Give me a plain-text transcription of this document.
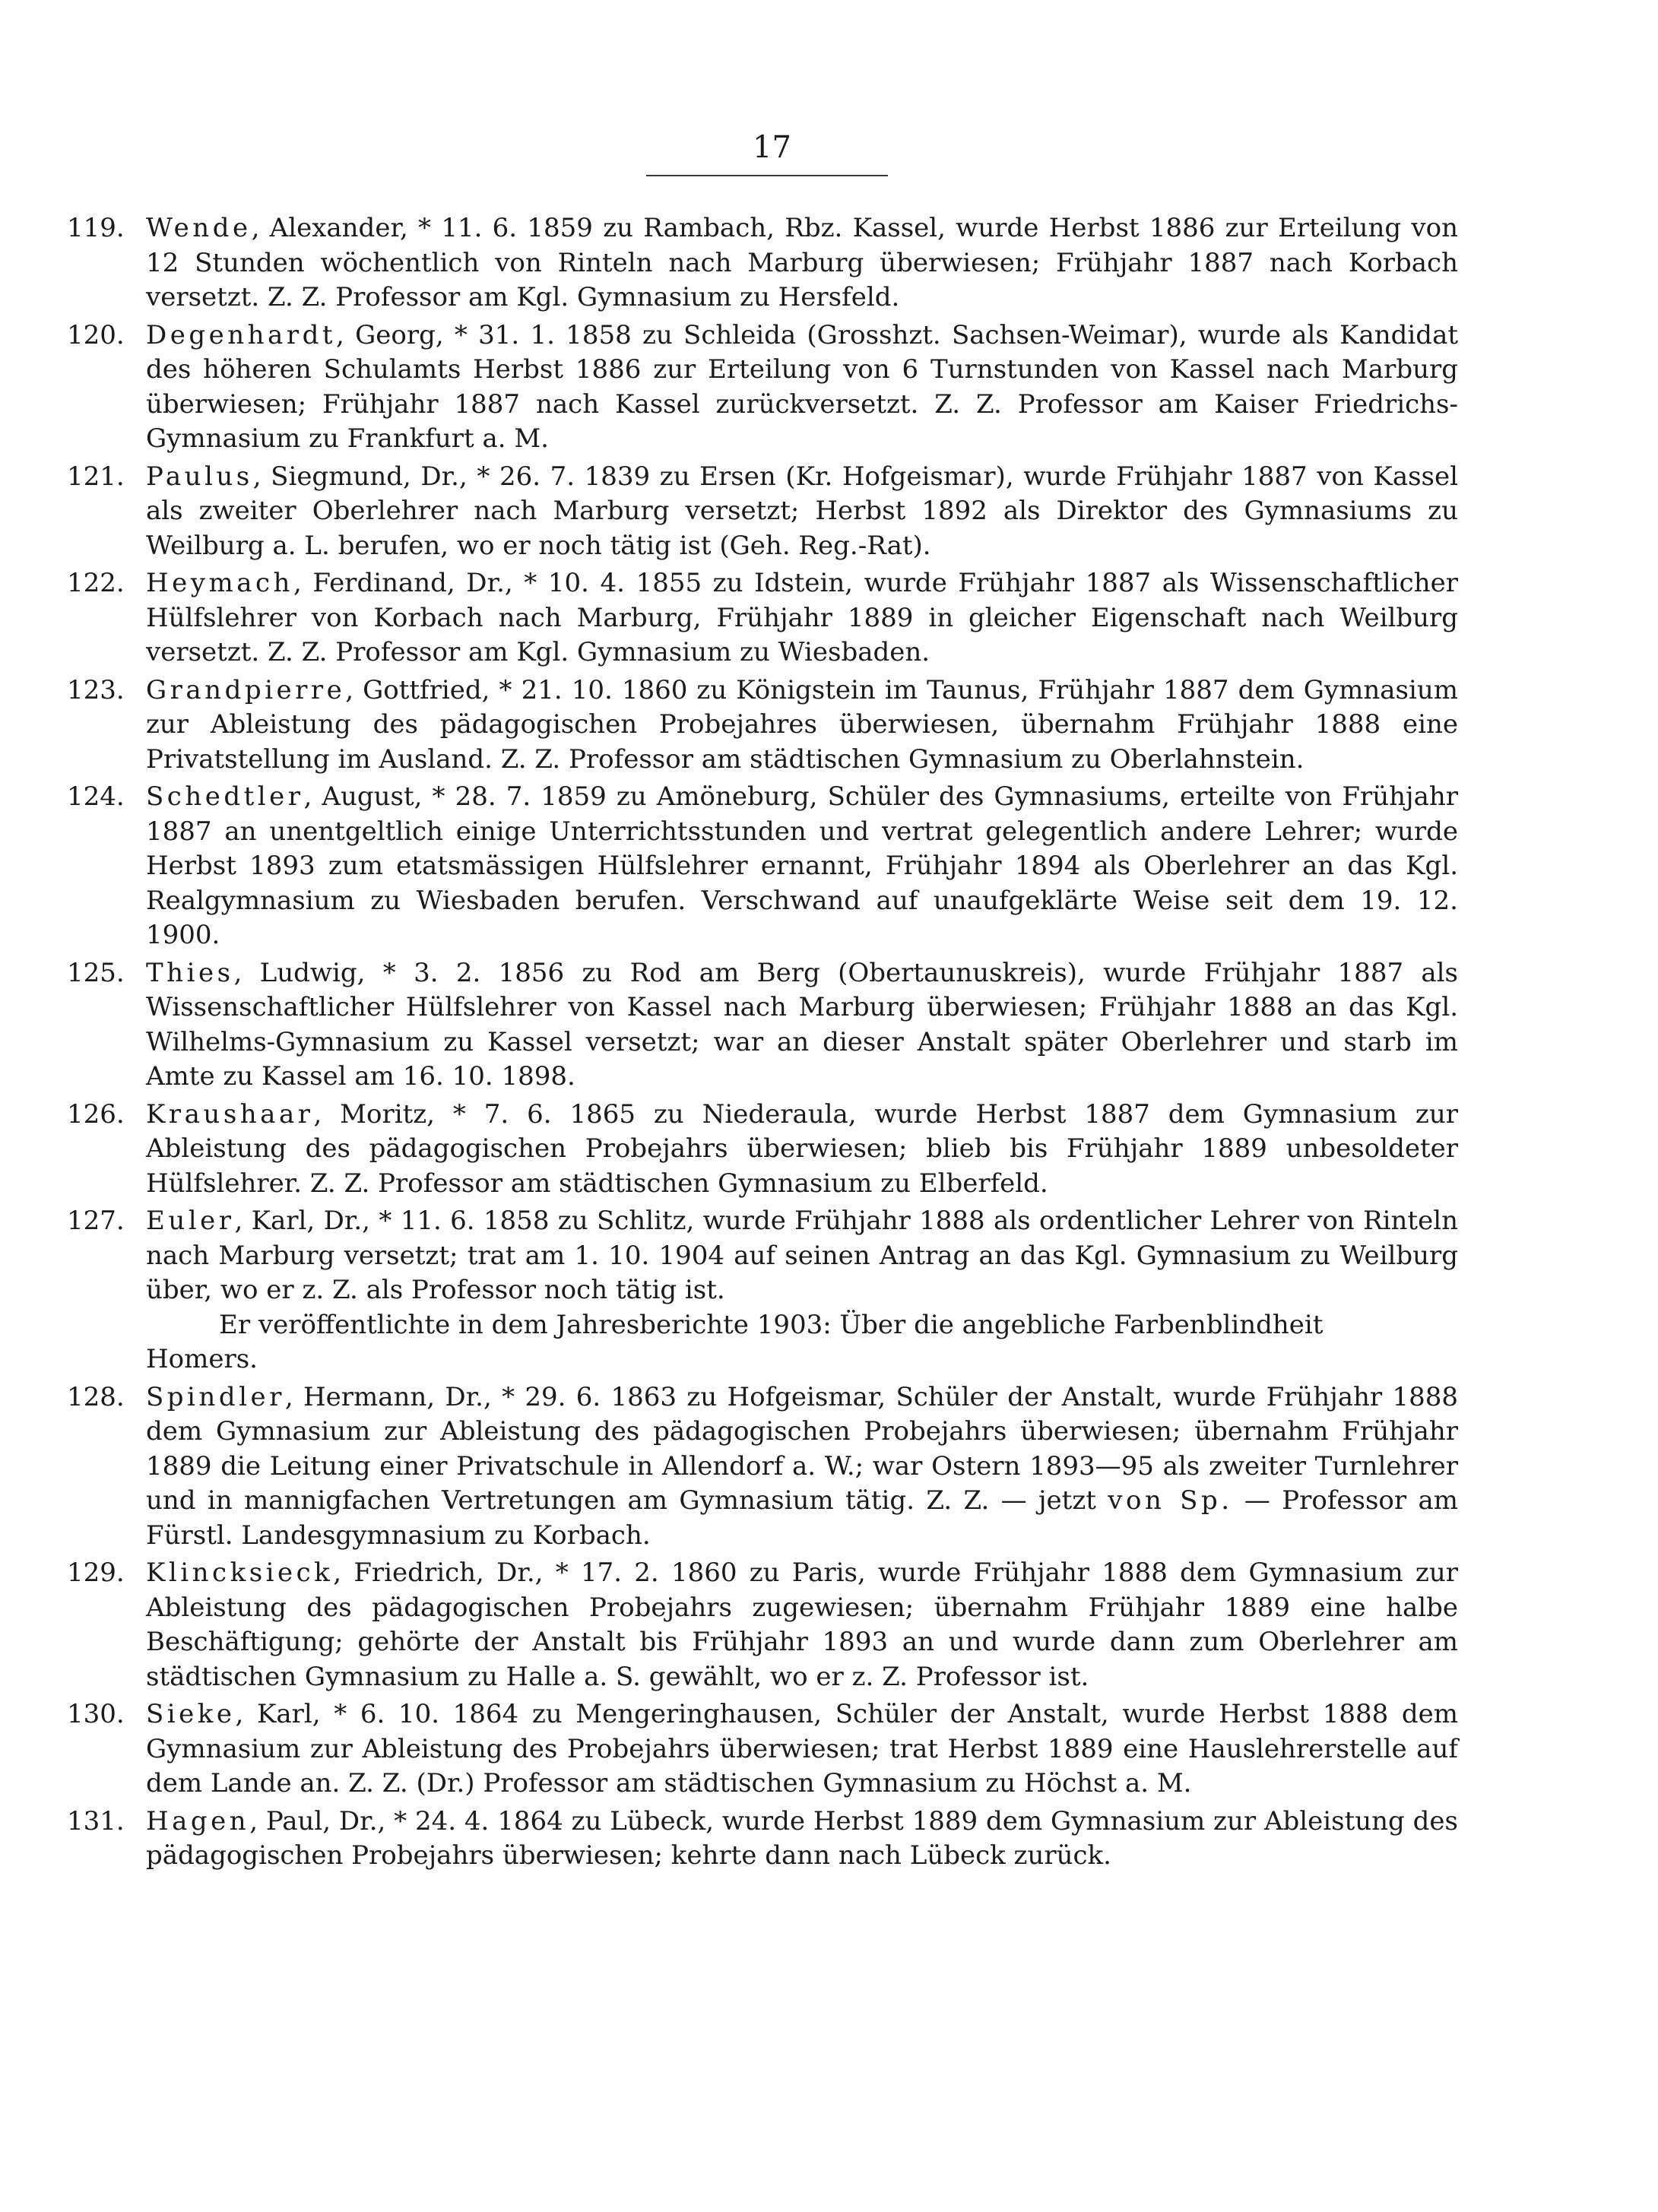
17
119. Wende, Alexander, * 11. 6. 1859 zu Rambach, Rbz. Kassel, wurde Herbst 1886 zur Erteilung von 12 Stunden wöchentlich von Rinteln nach Marburg überwiesen; Frühjahr 1887 nach Korbach versetzt. Z. Z. Professor am Kgl. Gymnasium zu Hersfeld.
120. Degenhardt, Georg, * 31. 1. 1858 zu Schleida (Grosshzt. Sachsen-Weimar), wurde als Kandidat des höheren Schulamts Herbst 1886 zur Erteilung von 6 Turnstunden von Kassel nach Marburg überwiesen; Frühjahr 1887 nach Kassel zurückversetzt. Z. Z. Professor am Kaiser Friedrichs-Gymnasium zu Frankfurt a. M.
121. Paulus, Siegmund, Dr., * 26. 7. 1839 zu Ersen (Kr. Hofgeismar), wurde Frühjahr 1887 von Kassel als zweiter Oberlehrer nach Marburg versetzt; Herbst 1892 als Direktor des Gymnasiums zu Weilburg a. L. berufen, wo er noch tätig ist (Geh. Reg.-Rat).
122. Heymach, Ferdinand, Dr., * 10. 4. 1855 zu Idstein, wurde Frühjahr 1887 als Wissenschaftlicher Hülfslehrer von Korbach nach Marburg, Frühjahr 1889 in gleicher Eigenschaft nach Weilburg versetzt. Z. Z. Professor am Kgl. Gymnasium zu Wiesbaden.
123. Grandpierre, Gottfried, * 21. 10. 1860 zu Königstein im Taunus, Frühjahr 1887 dem Gymnasium zur Ableistung des pädagogischen Probejahres überwiesen, übernahm Frühjahr 1888 eine Privatstellung im Ausland. Z. Z. Professor am städtischen Gymnasium zu Oberlahnstein.
124. Schedtler, August, * 28. 7. 1859 zu Amöneburg, Schüler des Gymnasiums, erteilte von Frühjahr 1887 an unentgeltlich einige Unterrichtsstunden und vertrat gelegentlich andere Lehrer; wurde Herbst 1893 zum etatsmässigen Hülfslehrer ernannt, Frühjahr 1894 als Oberlehrer an das Kgl. Realgymnasium zu Wiesbaden berufen. Verschwand auf unaufgeklärte Weise seit dem 19. 12. 1900.
125. Thies, Ludwig, * 3. 2. 1856 zu Rod am Berg (Obertaunuskreis), wurde Frühjahr 1887 als Wissenschaftlicher Hülfslehrer von Kassel nach Marburg überwiesen; Frühjahr 1888 an das Kgl. Wilhelms-Gymnasium zu Kassel versetzt; war an dieser Anstalt später Oberlehrer und starb im Amte zu Kassel am 16. 10. 1898.
126. Kraushaar, Moritz, * 7. 6. 1865 zu Niederaula, wurde Herbst 1887 dem Gymnasium zur Ableistung des pädagogischen Probejahrs überwiesen; blieb bis Frühjahr 1889 unbesoldeter Hülfslehrer. Z. Z. Professor am städtischen Gymnasium zu Elberfeld.
127. Euler, Karl, Dr., * 11. 6. 1858 zu Schlitz, wurde Frühjahr 1888 als ordentlicher Lehrer von Rinteln nach Marburg versetzt; trat am 1. 10. 1904 auf seinen Antrag an das Kgl. Gymnasium zu Weilburg über, wo er z. Z. als Professor noch tätig ist.
Er veröffentlichte in dem Jahresberichte 1903: Über die angebliche Farbenblindheit
Homers.
128. Spindler, Hermann, Dr., * 29. 6. 1863 zu Hofgeismar, Schüler der Anstalt, wurde Frühjahr 1888 dem Gymnasium zur Ableistung des pädagogischen Probejahrs überwiesen; übernahm Frühjahr 1889 die Leitung einer Privatschule in Allendorf a. W.; war Ostern 1893—95 als zweiter Turnlehrer und in mannigfachen Vertretungen am Gymnasium tätig. Z. Z. — jetzt von Sp. — Professor am Fürstl. Landesgymnasium zu Korbach.
129. Klincksieck, Friedrich, Dr., * 17. 2. 1860 zu Paris, wurde Frühjahr 1888 dem Gymnasium zur Ableistung des pädagogischen Probejahrs zugewiesen; übernahm Frühjahr 1889 eine halbe Beschäftigung; gehörte der Anstalt bis Frühjahr 1893 an und wurde dann zum Oberlehrer am städtischen Gymnasium zu Halle a. S. gewählt, wo er z. Z. Professor ist.
130. Sieke, Karl, * 6. 10. 1864 zu Mengeringhausen, Schüler der Anstalt, wurde Herbst 1888 dem Gymnasium zur Ableistung des Probejahrs überwiesen; trat Herbst 1889 eine Hauslehrerstelle auf dem Lande an. Z. Z. (Dr.) Professor am städtischen Gymnasium zu Höchst a. M.
131. Hagen, Paul, Dr., * 24. 4. 1864 zu Lübeck, wurde Herbst 1889 dem Gymnasium zur Ableistung des pädagogischen Probejahrs überwiesen; kehrte dann nach Lübeck zurück.
